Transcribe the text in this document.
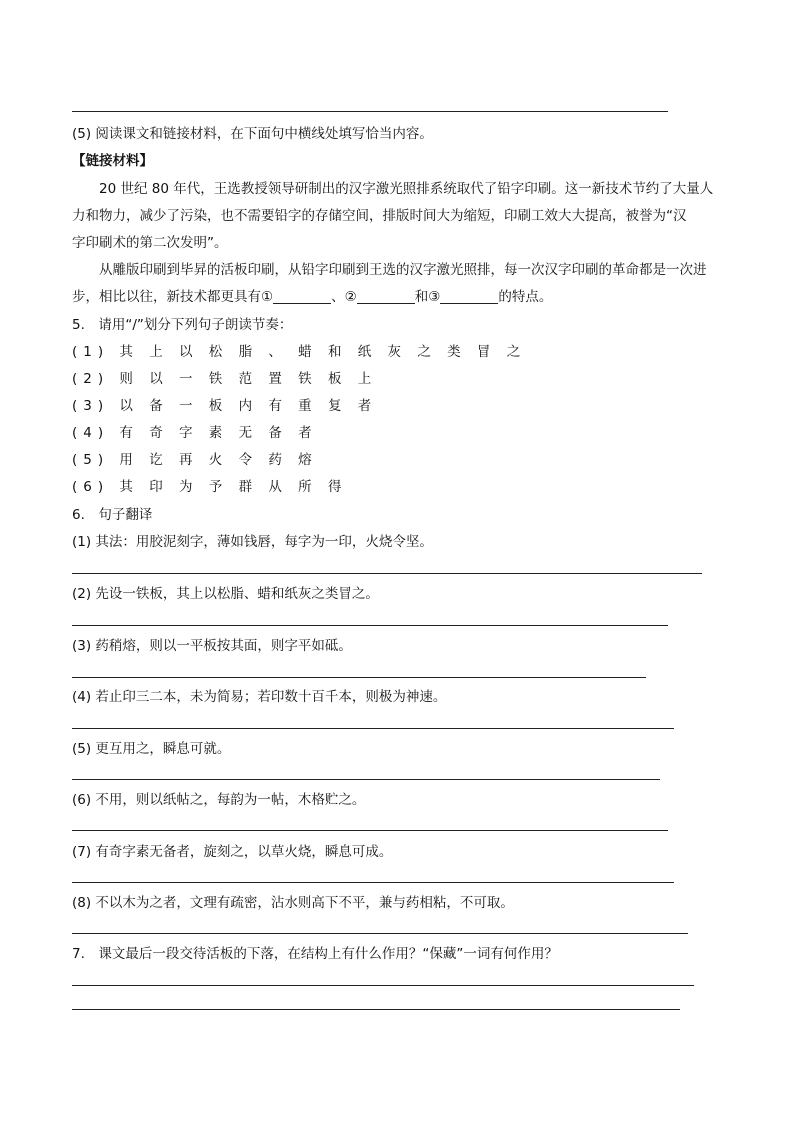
(5) 阅读课文和链接材料，在下面句中横线处填写恰当内容。
【链接材料】
20 世纪 80 年代，王选教授领导研制出的汉字激光照排系统取代了铅字印刷。这一新技术节约了大量人
力和物力，减少了污染，也不需要铅字的存储空间，排版时间大为缩短，印刷工效大大提高，被誉为“汉
字印刷术的第二次发明”。
从雕版印刷到毕昇的活板印刷，从铅字印刷到王选的汉字激光照排，每一次汉字印刷的革命都是一次进
步，相比以往，新技术都更具有①	、②	和③	的特点。
5.　请用“/”划分下列句子朗读节奏：
(1) 其 上 以 松 脂 、 蜡 和 纸 灰 之 类 冒 之
(2) 则 以 一 铁 范 置 铁 板 上
(3) 以 备 一 板 内 有 重 复 者
(4) 有 奇 字 素 无 备 者
(5) 用 讫 再 火 令 药 熔
(6) 其 印 为 予 群 从 所 得
6.　句子翻译
(1) 其法：用胶泥刻字，薄如钱唇，每字为一印，火烧令坚。
(2) 先设一铁板，其上以松脂、蜡和纸灰之类冒之。
(3) 药稍熔，则以一平板按其面，则字平如砥。
(4) 若止印三二本，未为简易；若印数十百千本，则极为神速。
(5) 更互用之，瞬息可就。
(6) 不用，则以纸帖之，每韵为一帖，木格贮之。
(7) 有奇字素无备者，旋刻之，以草火烧，瞬息可成。
(8) 不以木为之者，文理有疏密，沾水则高下不平，兼与药相粘，不可取。
7.　课文最后一段交待活板的下落，在结构上有什么作用？“保藏”一词有何作用？
